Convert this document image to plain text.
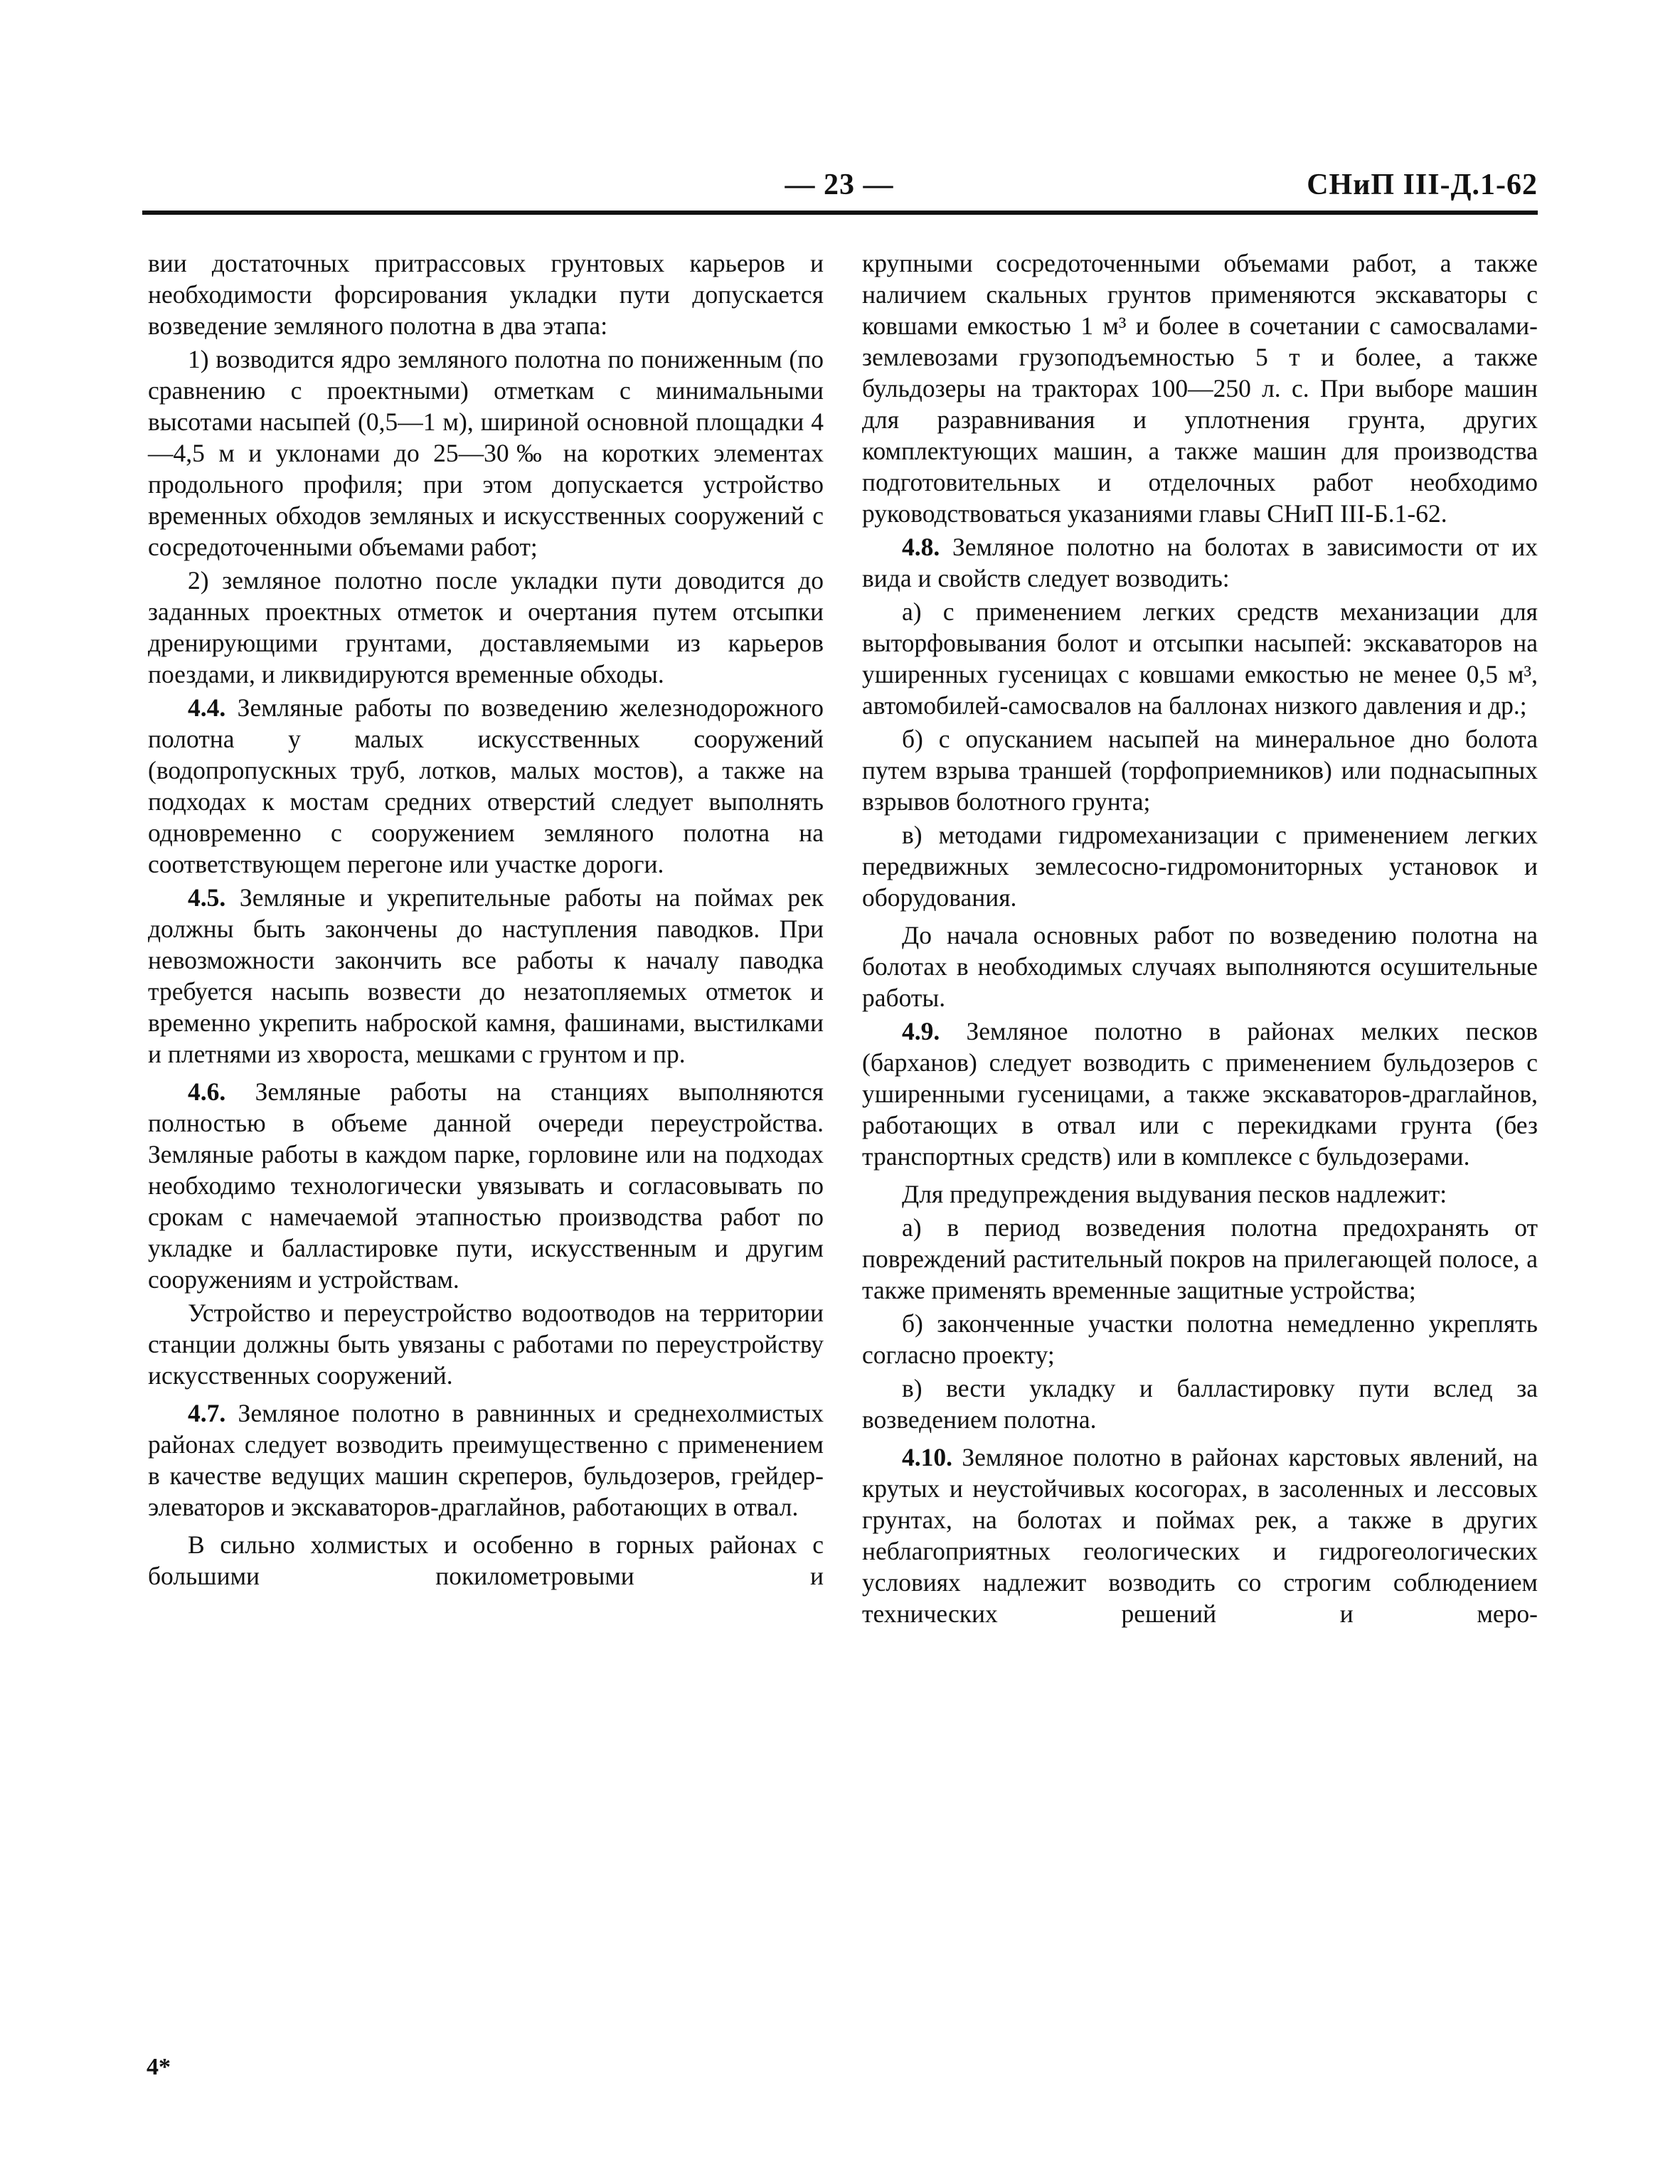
— 23 —	СНиП III-Д.1-62

вии достаточных притрассовых грунтовых карьеров и необходимости форсирования укладки пути допускается возведение земляного полотна в два этапа:

1) возводится ядро земляного полотна по пониженным (по сравнению с проектными) отметкам с минимальными высотами насыпей (0,5—1 м), шириной основной площадки 4—4,5 м и уклонами до 25—30‰ на коротких элементах продольного профиля; при этом допускается устройство временных обходов земляных и искусственных сооружений с сосредоточенными объемами работ;

2) земляное полотно после укладки пути доводится до заданных проектных отметок и очертания путем отсыпки дренирующими грунтами, доставляемыми из карьеров поездами, и ликвидируются временные обходы.

4.4. Земляные работы по возведению железнодорожного полотна у малых искусственных сооружений (водопропускных труб, лотков, малых мостов), а также на подходах к мостам средних отверстий следует выполнять одновременно с сооружением земляного полотна на соответствующем перегоне или участке дороги.

4.5. Земляные и укрепительные работы на поймах рек должны быть закончены до наступления паводков. При невозможности закончить все работы к началу паводка требуется насыпь возвести до незатопляемых отметок и временно укрепить наброской камня, фашинами, выстилками и плетнями из хвороста, мешками с грунтом и пр.

4.6. Земляные работы на станциях выполняются полностью в объеме данной очереди переустройства. Земляные работы в каждом парке, горловине или на подходах необходимо технологически увязывать и согласовывать по срокам с намечаемой этапностью производства работ по укладке и балластировке пути, искусственным и другим сооружениям и устройствам.

Устройство и переустройство водоотводов на территории станции должны быть увязаны с работами по переустройству искусственных сооружений.

4.7. Земляное полотно в равнинных и среднехолмистых районах следует возводить преимущественно с применением в качестве ведущих машин скреперов, бульдозеров, грейдер-элеваторов и экскаваторов-драглайнов, работающих в отвал.

В сильно холмистых и особенно в горных районах с большими покилометровыми и

крупными сосредоточенными объемами работ, а также наличием скальных грунтов применяются экскаваторы с ковшами емкостью 1 м³ и более в сочетании с самосвалами-землевозами грузоподъемностью 5 т и более, а также бульдозеры на тракторах 100—250 л. с. При выборе машин для разравнивания и уплотнения грунта, других комплектующих машин, а также машин для производства подготовительных и отделочных работ необходимо руководствоваться указаниями главы СНиП III-Б.1-62.

4.8. Земляное полотно на болотах в зависимости от их вида и свойств следует возводить:

а) с применением легких средств механизации для выторфовывания болот и отсыпки насыпей: экскаваторов на уширенных гусеницах с ковшами емкостью не менее 0,5 м³, автомобилей-самосвалов на баллонах низкого давления и др.;

б) с опусканием насыпей на минеральное дно болота путем взрыва траншей (торфоприемников) или поднасыпных взрывов болотного грунта;

в) методами гидромеханизации с применением легких передвижных землесосно-гидромониторных установок и оборудования.

До начала основных работ по возведению полотна на болотах в необходимых случаях выполняются осушительные работы.

4.9. Земляное полотно в районах мелких песков (барханов) следует возводить с применением бульдозеров с уширенными гусеницами, а также экскаваторов-драглайнов, работающих в отвал или с перекидками грунта (без транспортных средств) или в комплексе с бульдозерами.

Для предупреждения выдувания песков надлежит:

а) в период возведения полотна предохранять от повреждений растительный покров на прилегающей полосе, а также применять временные защитные устройства;

б) законченные участки полотна немедленно укреплять согласно проекту;

в) вести укладку и балластировку пути вслед за возведением полотна.

4.10. Земляное полотно в районах карстовых явлений, на крутых и неустойчивых косогорах, в засоленных и лессовых грунтах, на болотах и поймах рек, а также в других неблагоприятных геологических и гидрогеологических условиях надлежит возводить со строгим соблюдением технических решений и меро-

4*
